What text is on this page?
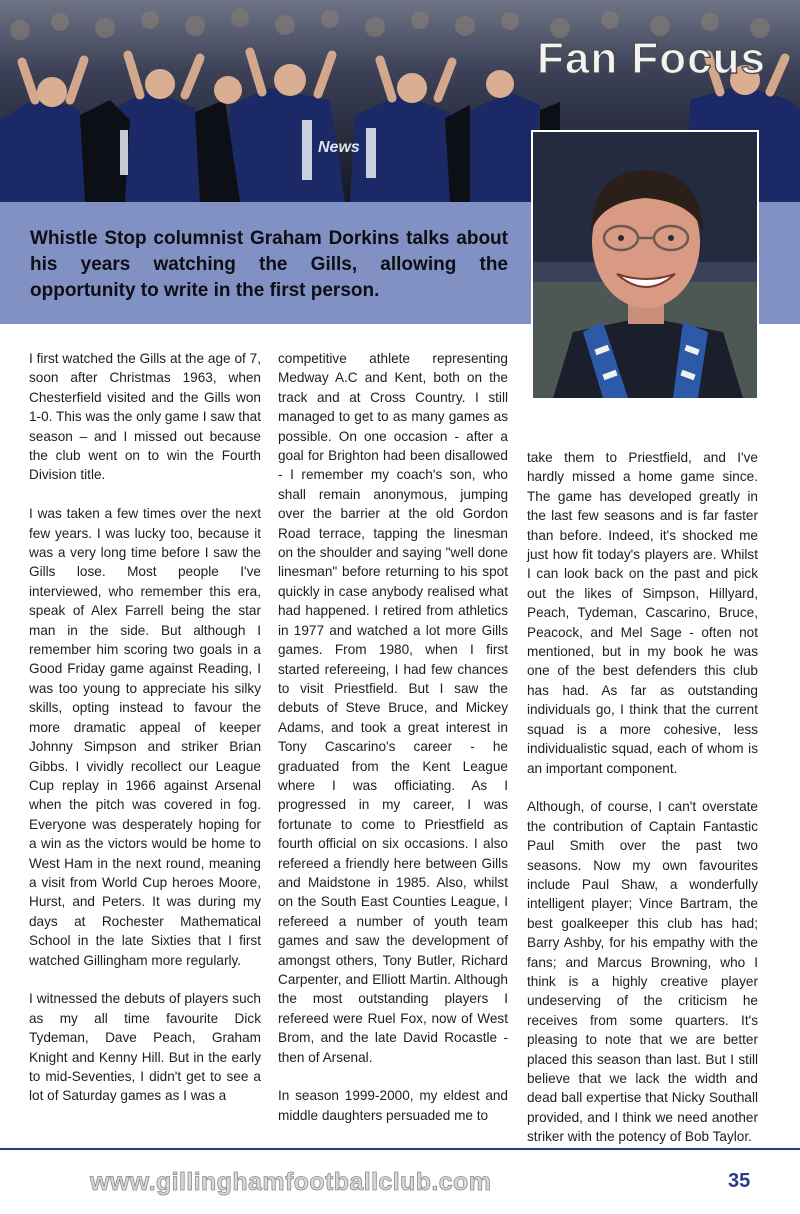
News
Fan Focus
Whistle Stop columnist Graham Dorkins talks about his years watching the Gills, allowing the opportunity to write in the first person.

I first watched the Gills at the age of 7, soon after Christmas 1963, when Chesterfield visited and the Gills won 1-0. This was the only game I saw that season – and I missed out because the club went on to win the Fourth Division title.

I was taken a few times over the next few years. I was lucky too, because it was a very long time before I saw the Gills lose. Most people I've interviewed, who remember this era, speak of Alex Farrell being the star man in the side. But although I remember him scoring two goals in a Good Friday game against Reading, I was too young to appreciate his silky skills, opting instead to favour the more dramatic appeal of keeper Johnny Simpson and striker Brian Gibbs. I vividly recollect our League Cup replay in 1966 against Arsenal when the pitch was covered in fog. Everyone was desperately hoping for a win as the victors would be home to West Ham in the next round, meaning a visit from World Cup heroes Moore, Hurst, and Peters. It was during my days at Rochester Mathematical School in the late Sixties that I first watched Gillingham more regularly.

I witnessed the debuts of players such as my all time favourite Dick Tydeman, Dave Peach, Graham Knight and Kenny Hill. But in the early to mid-Seventies, I didn't get to see a lot of Saturday games as I was a

competitive athlete representing Medway A.C and Kent, both on the track and at Cross Country. I still managed to get to as many games as possible. On one occasion - after a goal for Brighton had been disallowed - I remember my coach's son, who shall remain anonymous, jumping over the barrier at the old Gordon Road terrace, tapping the linesman on the shoulder and saying "well done linesman" before returning to his spot quickly in case anybody realised what had happened. I retired from athletics in 1977 and watched a lot more Gills games. From 1980, when I first started refereeing, I had few chances to visit Priestfield. But I saw the debuts of Steve Bruce, and Mickey Adams, and took a great interest in Tony Cascarino's career - he graduated from the Kent League where I was officiating. As I progressed in my career, I was fortunate to come to Priestfield as fourth official on six occasions. I also refereed a friendly here between Gills and Maidstone in 1985. Also, whilst on the South East Counties League, I refereed a number of youth team games and saw the development of amongst others, Tony Butler, Richard Carpenter, and Elliott Martin. Although the most outstanding players I refereed were Ruel Fox, now of West Brom, and the late David Rocastle - then of Arsenal.

In season 1999-2000, my eldest and middle daughters persuaded me to

take them to Priestfield, and I've hardly missed a home game since. The game has developed greatly in the last few seasons and is far faster than before. Indeed, it's shocked me just how fit today's players are. Whilst I can look back on the past and pick out the likes of Simpson, Hillyard, Peach, Tydeman, Cascarino, Bruce, Peacock, and Mel Sage - often not mentioned, but in my book he was one of the best defenders this club has had. As far as outstanding individuals go, I think that the current squad is a more cohesive, less individualistic squad, each of whom is an important component.

Although, of course, I can't overstate the contribution of Captain Fantastic Paul Smith over the past two seasons. Now my own favourites include Paul Shaw, a wonderfully intelligent player; Vince Bartram, the best goalkeeper this club has had; Barry Ashby, for his empathy with the fans; and Marcus Browning, who I think is a highly creative player undeserving of the criticism he receives from some quarters. It's pleasing to note that we are better placed this season than last. But I still believe that we lack the width and dead ball expertise that Nicky Southall provided, and I think we need another striker with the potency of Bob Taylor.

www.gillinghamfootballclub.com	35
